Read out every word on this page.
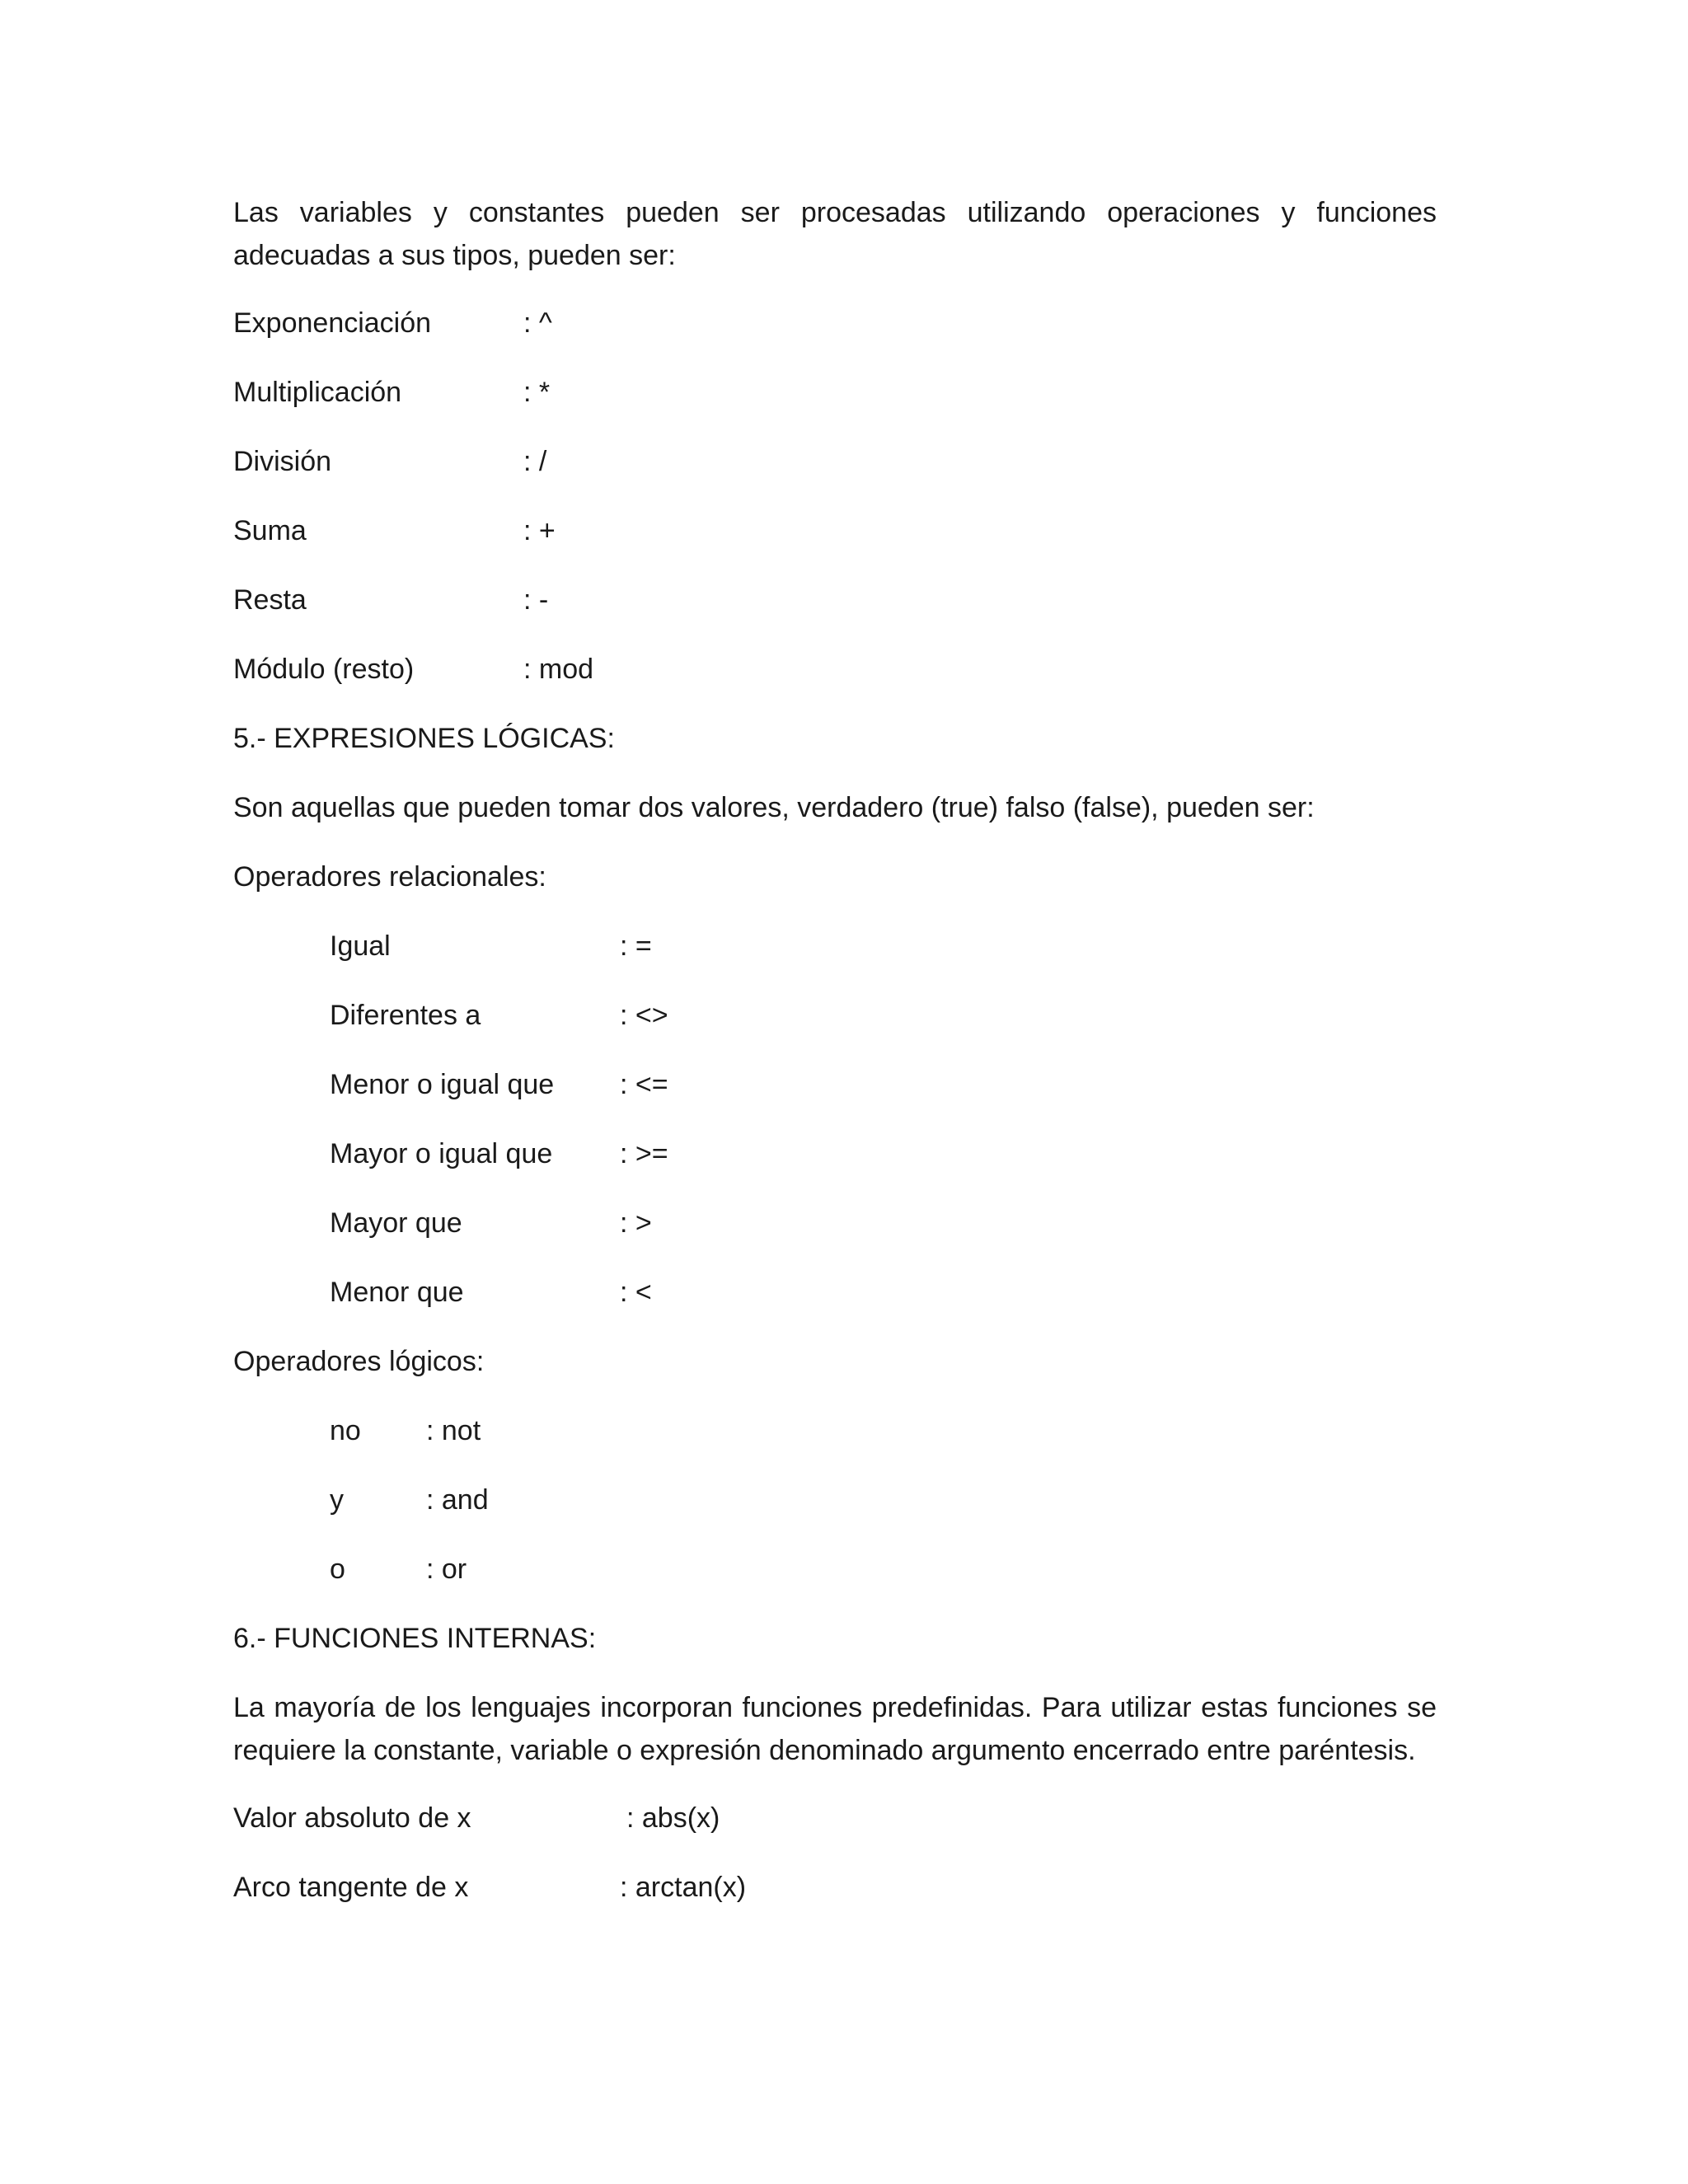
Las variables y constantes pueden ser procesadas utilizando operaciones y funciones adecuadas a sus tipos, pueden ser:

Exponenciación	: ^
Multiplicación	: *
División	: /
Suma	: +
Resta	: -
Módulo (resto)	: mod
5.- EXPRESIONES LÓGICAS:
Son aquellas que pueden tomar dos valores, verdadero (true) falso (false), pueden ser:
Operadores relacionales:
Igual	: =
Diferentes a	: <>
Menor o igual que : <=
Mayor o igual que : >=
Mayor que	: >
Menor que	: <
Operadores lógicos:
no : not
y	: and
o	: or
6.- FUNCIONES INTERNAS:

La mayoría de los lenguajes incorporan funciones predefinidas. Para utilizar estas funciones se requiere la constante, variable o expresión denominado argumento encerrado entre paréntesis.

Valor absoluto de x	: abs(x)
Arco tangente de x	: arctan(x)
